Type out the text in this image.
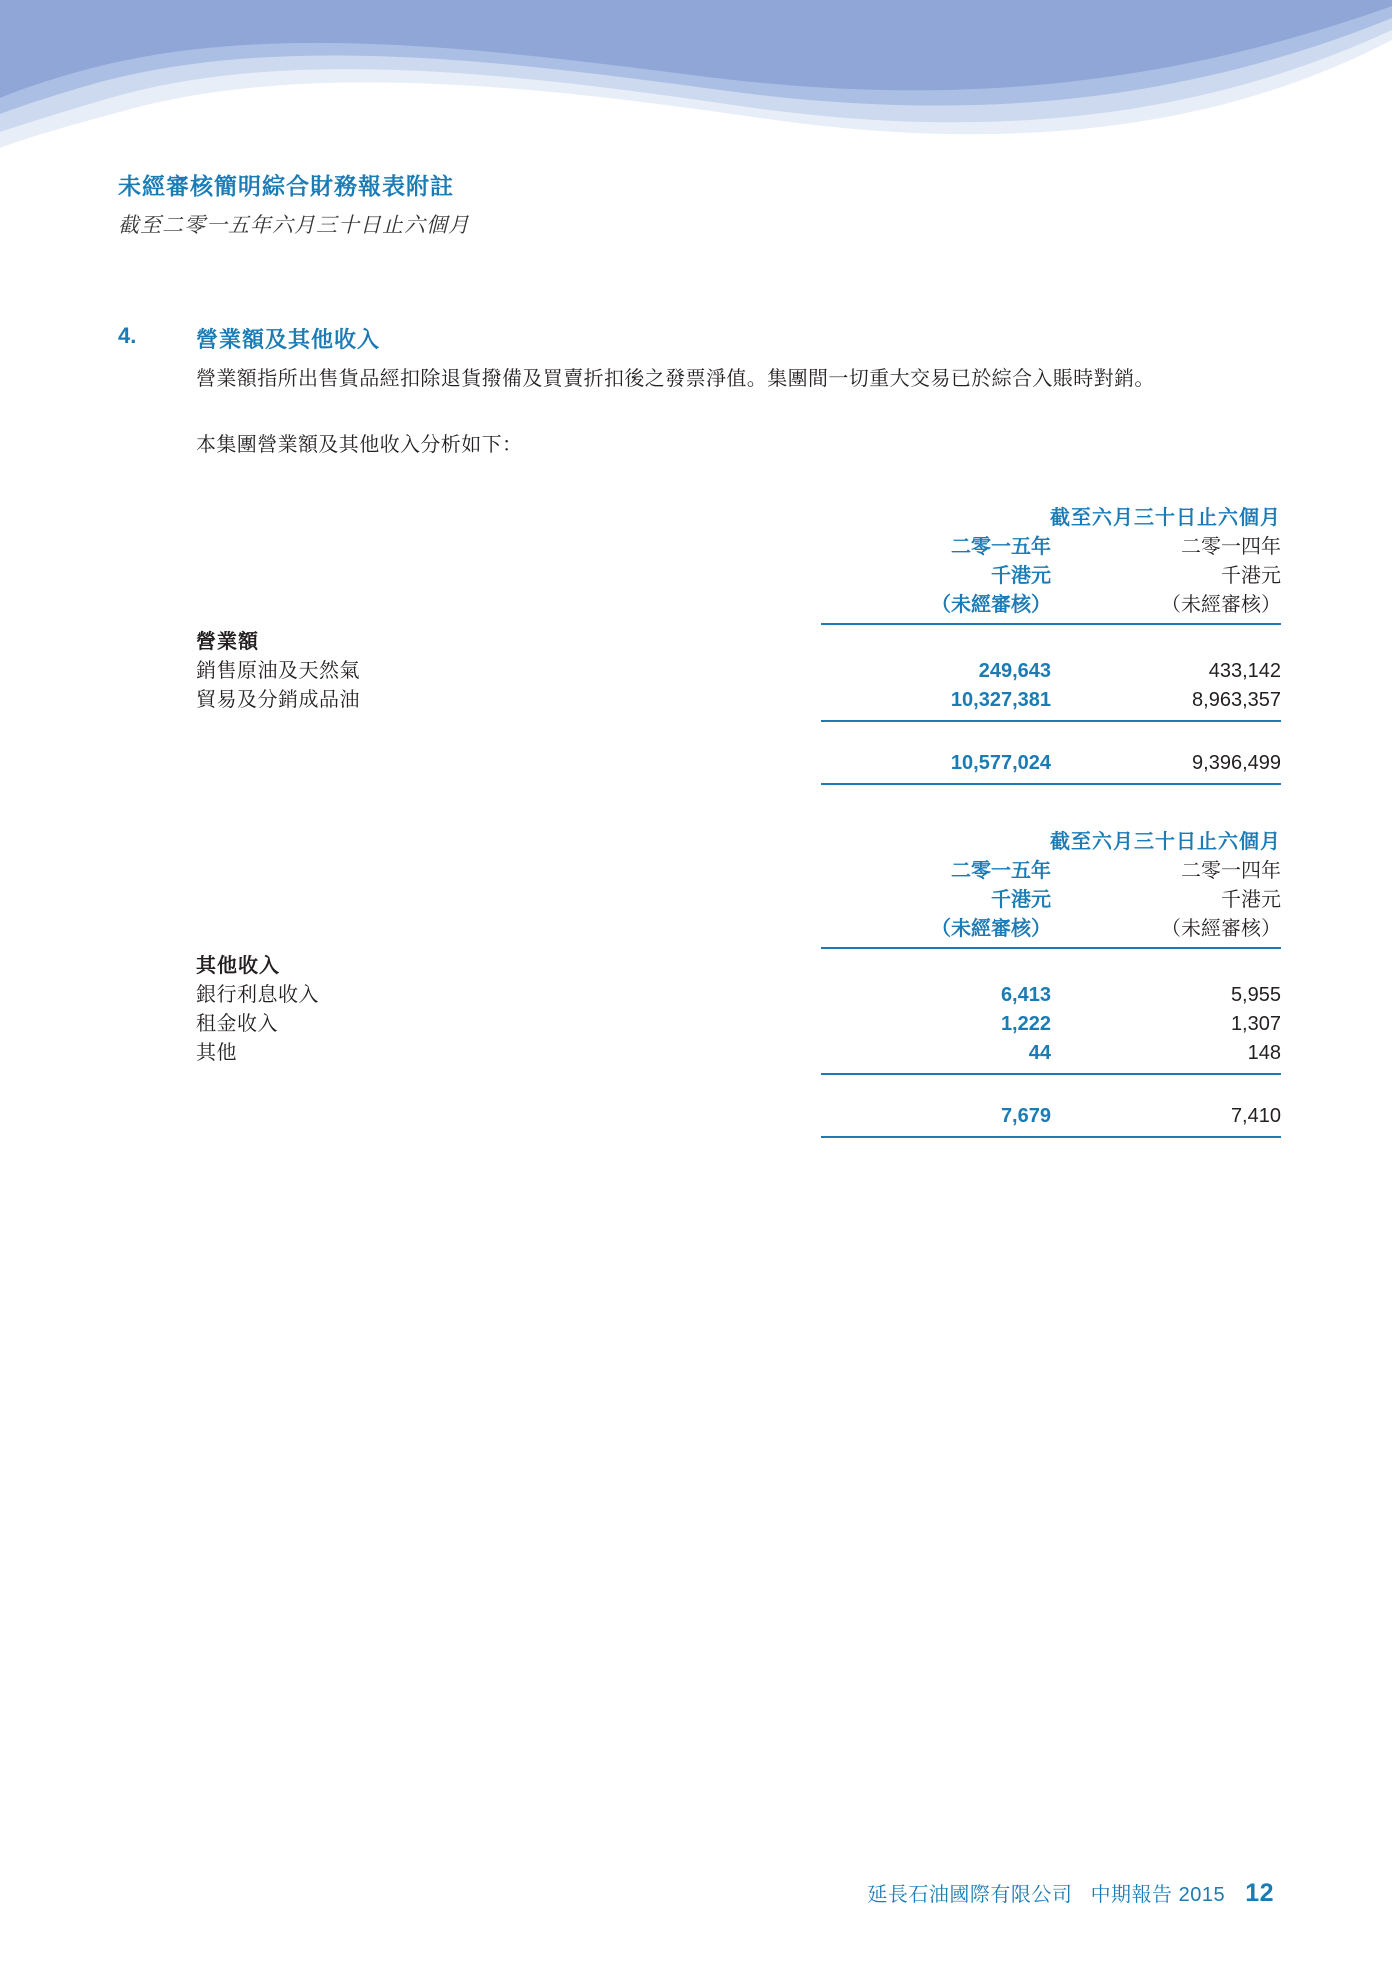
未經審核簡明綜合財務報表附註
截至二零一五年六月三十日止六個月
4.	營業額及其他收入

營業額指所出售貨品經扣除退貨撥備及買賣折扣後之發票淨值。集團間一切重大交易已於綜合入賬時對銷。

本集團營業額及其他收入分析如下：

	截至六月三十日止六個月	
	二零一五年	二零一四年
	千港元	千港元
	（未經審核）	（未經審核）

營業額		
銷售原油及天然氣	249,643	433,142
貿易及分銷成品油	10,327,381	8,963,357

	10,577,024	9,396,499

	截至六月三十日止六個月	
	二零一五年	二零一四年
	千港元	千港元
	（未經審核）	（未經審核）

其他收入		
銀行利息收入	6,413	5,955
租金收入	1,222	1,307
其他	44	148

	7,679	7,410

延長石油國際有限公司 中期報告 2015 12
